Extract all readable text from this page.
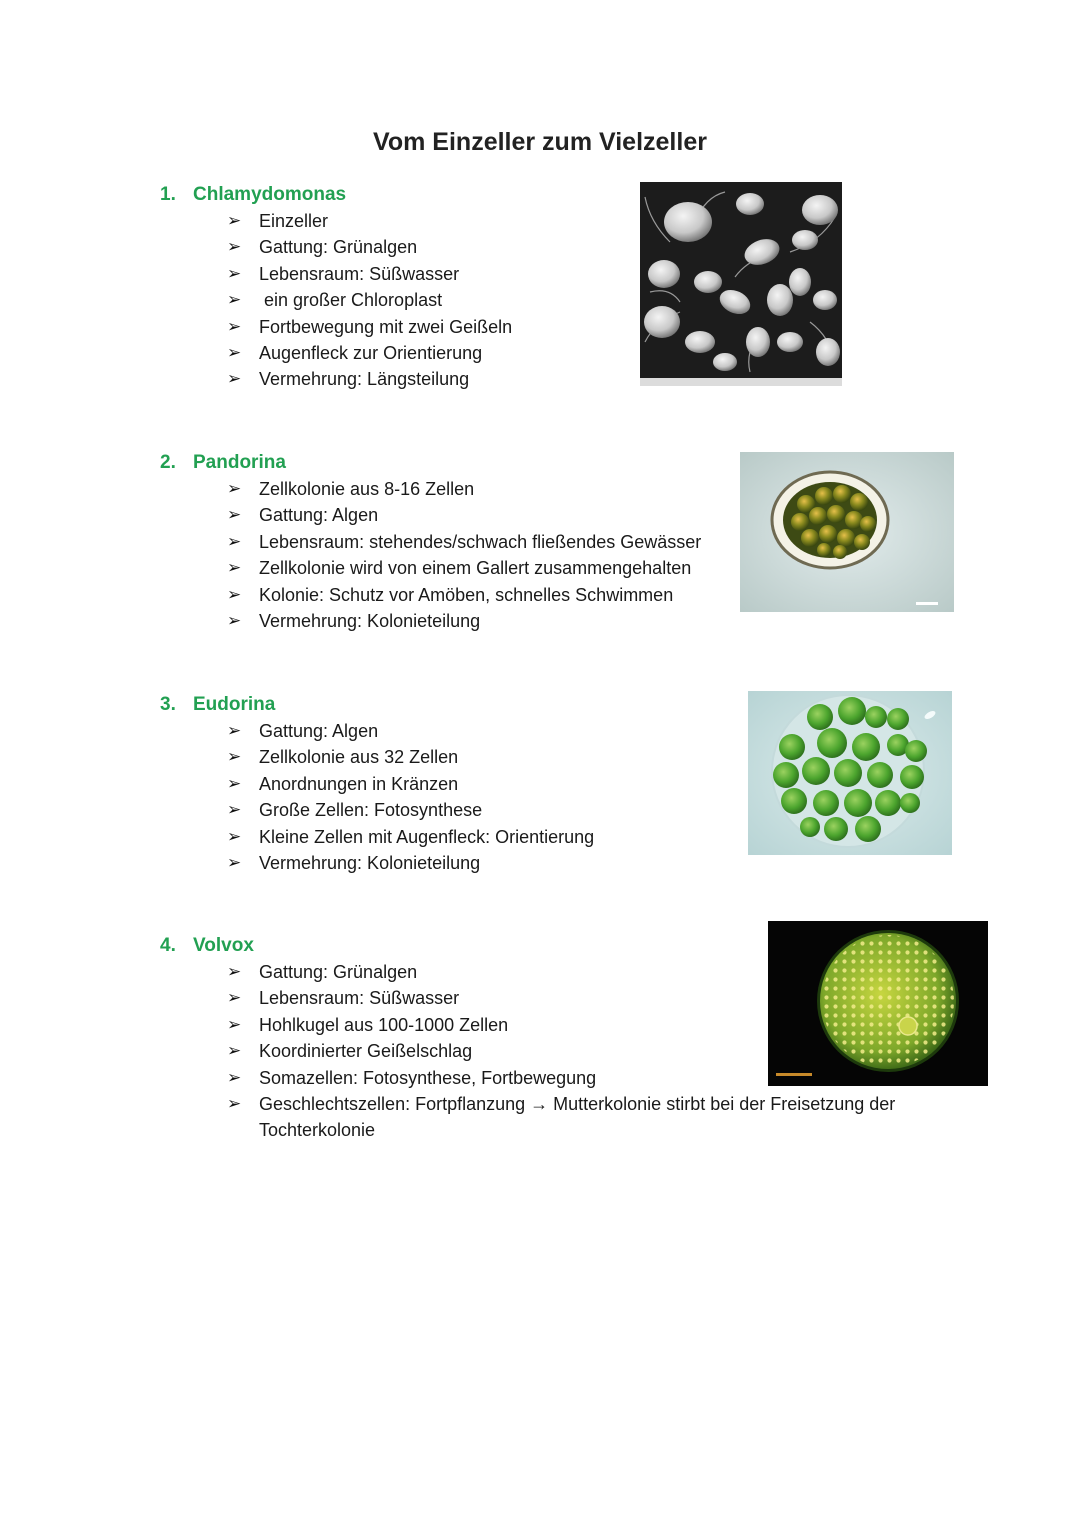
Vom Einzeller zum Vielzeller
1. Chlamydomonas
➢ Einzeller
➢ Gattung: Grünalgen
➢ Lebensraum: Süßwasser
➢ ein großer Chloroplast
➢ Fortbewegung mit zwei Geißeln
➢ Augenfleck zur Orientierung
➢ Vermehrung: Längsteilung
2. Pandorina
➢ Zellkolonie aus 8-16 Zellen
➢ Gattung: Algen
➢ Lebensraum: stehendes/schwach fließendes Gewässer
➢ Zellkolonie wird von einem Gallert zusammengehalten
➢ Kolonie: Schutz vor Amöben, schnelles Schwimmen
➢ Vermehrung: Kolonieteilung
3. Eudorina
➢ Gattung: Algen
➢ Zellkolonie aus 32 Zellen
➢ Anordnungen in Kränzen
➢ Große Zellen: Fotosynthese
➢ Kleine Zellen mit Augenfleck: Orientierung
➢ Vermehrung: Kolonieteilung
4. Volvox
➢ Gattung: Grünalgen
➢ Lebensraum: Süßwasser
➢ Hohlkugel aus 100-1000 Zellen
➢ Koordinierter Geißelschlag
➢ Somazellen: Fotosynthese, Fortbewegung
➢ Geschlechtszellen: Fortpflanzung → Mutterkolonie stirbt bei der Freisetzung der Tochterkolonie
